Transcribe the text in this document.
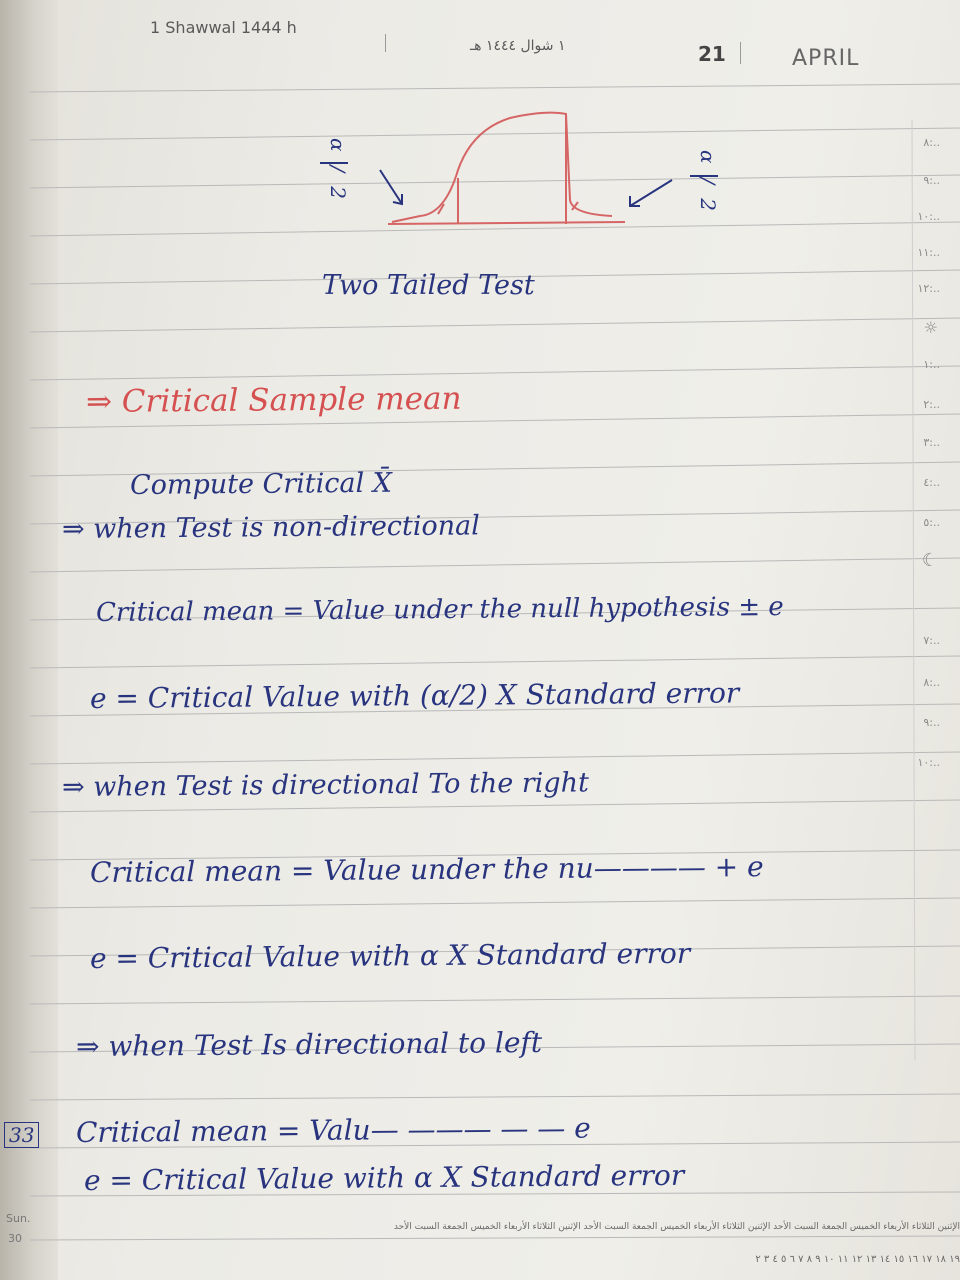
1 Shawwal 1444 h
١ شوال ١٤٤٤ هـ	21	APRIL
٨:..
٩:..
١٠:..
١١:..
١٢:..
☼
١:..
٢:..
٣:..
٤:..
٥:..
☾
٧:..
٨:..
٩:..
١٠:..
α/2	α/2
Two Tailed Test
⇒ Critical Sample mean
Compute Critical X̄
⇒ when Test is non-directional
Critical mean = Value under the null hypothesis ± e
e = Critical Value with (α/2) X Standard error
⇒ when Test is directional To the right
Critical mean = Value under the nu———— + e
e = Critical Value with α X Standard error
⇒ when Test Is directional to left
Critical mean = Valu— ——— — — e
e = Critical Value with α X Standard error
33
Sun.
30
الإثنين الثلاثاء الأربعاء الخميس الجمعة السبت الأحد الإثنين الثلاثاء الأربعاء الخميس الجمعة السبت الأحد الإثنين الثلاثاء الأربعاء الخميس الجمعة السبت الأحد
١٩ ١٨ ١٧ ١٦ ١٥ ١٤ ١٣ ١٢ ١١ ١٠ ٩ ٨ ٧ ٦ ٥ ٤ ٣ ٢
